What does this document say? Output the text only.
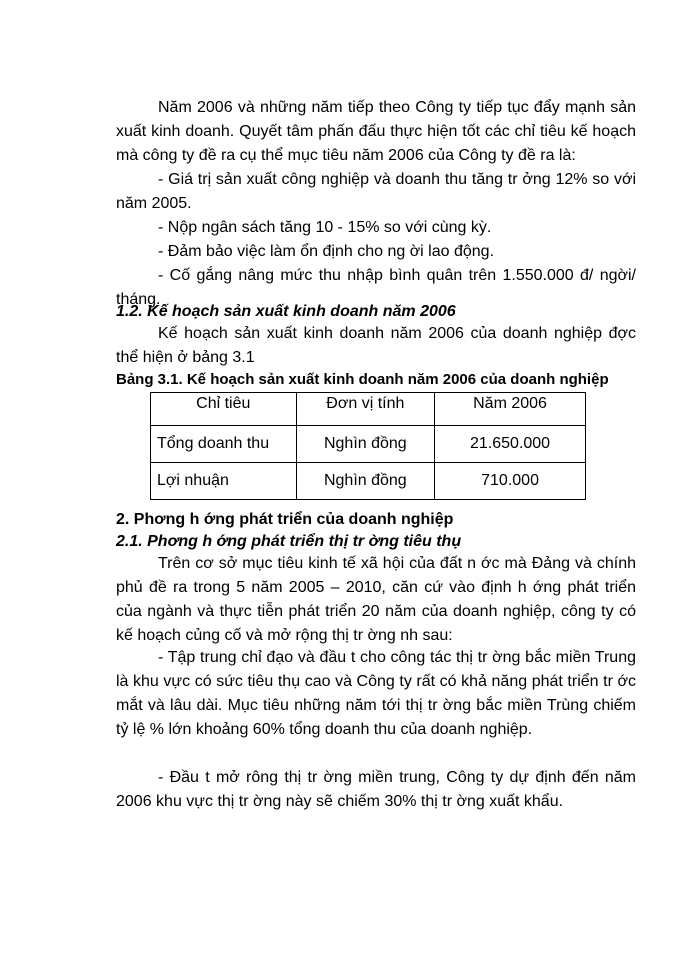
Năm 2006 và những năm tiếp theo Công ty tiếp tục đẩy mạnh sản xuất kinh doanh. Quyết tâm phấn đấu thực hiện tốt các chỉ tiêu kế hoạch mà công ty đề ra cụ thể mục tiêu năm 2006 của Công ty đề ra là:
- Giá trị sản xuất công nghiệp và doanh thu tăng tr ởng 12% so với năm 2005.
- Nộp ngân sách tăng 10 - 15% so với cùng kỳ.
- Đảm bảo việc làm ổn định cho ng ời lao động.
- Cố gắng nâng mức thu nhập bình quân trên 1.550.000 đ/ ngời/ tháng.
1.2. Kế hoạch sản xuất kinh doanh năm 2006
Kế hoạch sản xuất kinh doanh năm 2006 của doanh nghiệp đợc thể hiện ở bảng 3.1
Bảng 3.1. Kế hoạch sản xuất kinh doanh năm 2006 của doanh nghiệp
Chỉ tiêu	Đơn vị tính	Năm 2006
Tổng doanh thu	Nghìn đồng	21.650.000
Lợi nhuận	Nghìn đồng	710.000
2. Phơng h ớng phát triển của doanh nghiệp
2.1. Phơng h ớng phát triển thị tr ờng tiêu thụ
Trên cơ sở mục tiêu kinh tế xã hội của đất n ớc mà Đảng và chính phủ đề ra trong 5 năm 2005 – 2010, căn cứ vào định h ớng phát triển của ngành và thực tiễn phát triển 20 năm của doanh nghiệp, công ty có kế hoạch củng cố và mở rộng thị tr ờng nh sau:
- Tập trung chỉ đạo và đầu t cho công tác thị tr ờng bắc miền Trung là khu vực có sức tiêu thụ cao và Công ty rất có khả năng phát triển tr ớc mắt và lâu dài. Mục tiêu những năm tới thị tr ờng bắc miền Trùng chiếm tỷ lệ % lớn khoảng 60% tổng doanh thu của doanh nghiệp.
- Đầu t mở rông thị tr ờng miền trung, Công ty dự định đến năm 2006 khu vực thị tr ờng này sẽ chiếm 30% thị tr ờng xuất khẩu.
